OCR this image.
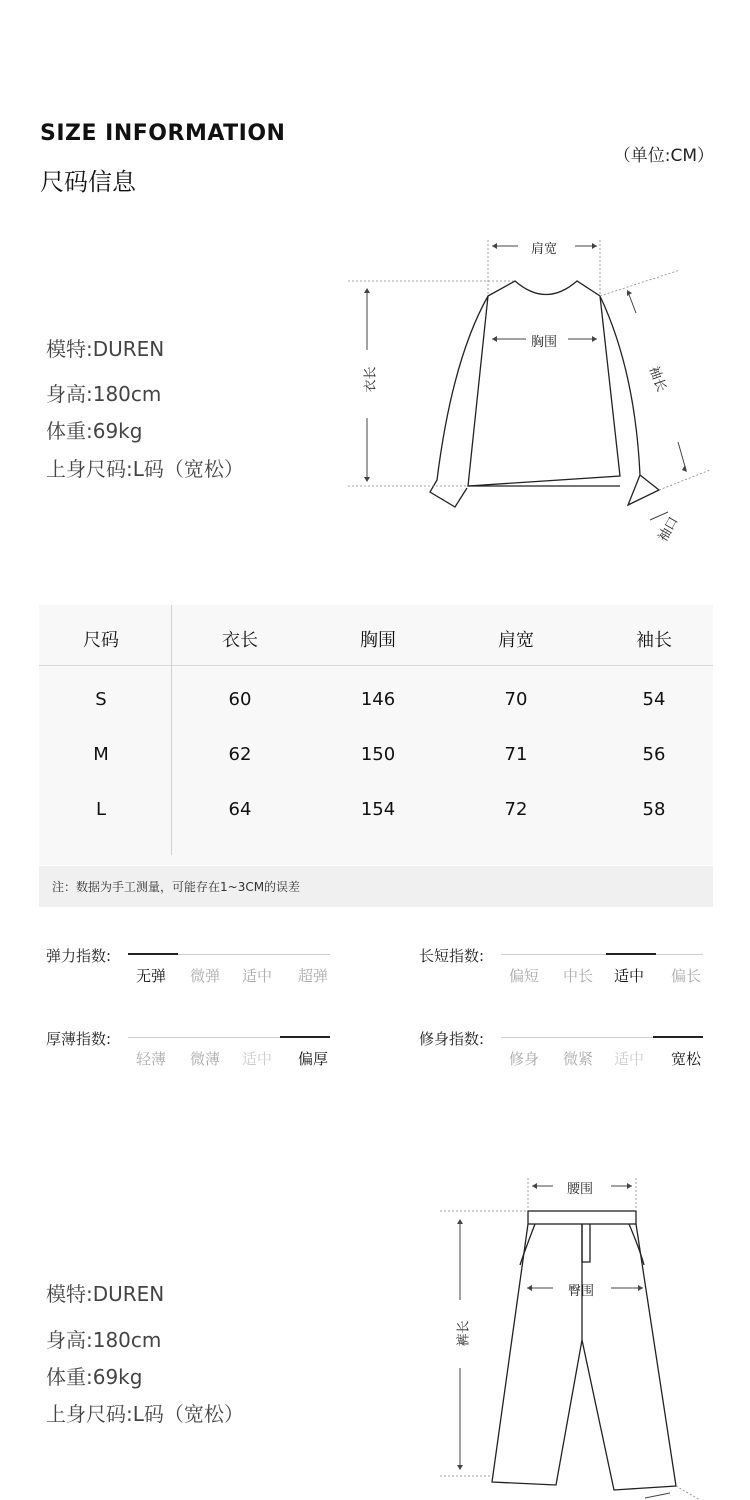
SIZE INFORMATION
尺码信息
（单位:CM）
模特:DUREN
身高:180cm
体重:69kg
上身尺码:L码（宽松）
肩宽
胸围
衣长	袖长
袖口
尺码	衣长	胸围	肩宽	袖长
S	60	146	70	54
M	62	150	71	56
L	64	154	72	58
注：数据为手工测量，可能存在1~3CM的误差
弹力指数:
无弹	微弹	适中	超弹
长短指数:
偏短	中长	适中	偏长
厚薄指数:
轻薄	微薄	适中	偏厚
修身指数:
修身	微紧	适中	宽松
模特:DUREN
身高:180cm
体重:69kg
上身尺码:L码（宽松）
腰围
臀围
裤长
